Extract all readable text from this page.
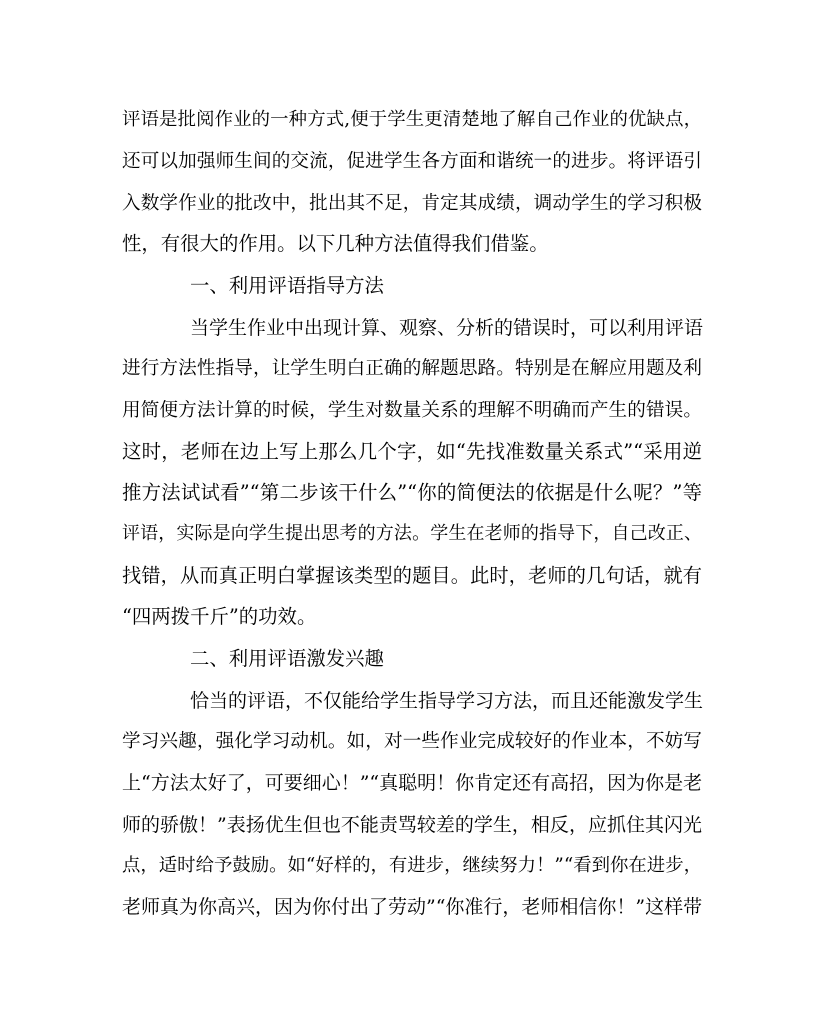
评语是批阅作业的一种方式,便于学生更清楚地了解自己作业的优缺点，
还可以加强师生间的交流，促进学生各方面和谐统一的进步。将评语引
入数学作业的批改中，批出其不足，肯定其成绩，调动学生的学习积极
性，有很大的作用。以下几种方法值得我们借鉴。
一、利用评语指导方法
当学生作业中出现计算、观察、分析的错误时，可以利用评语
进行方法性指导，让学生明白正确的解题思路。特别是在解应用题及利
用简便方法计算的时候，学生对数量关系的理解不明确而产生的错误。
这时，老师在边上写上那么几个字，如“先找准数量关系式”“采用逆
推方法试试看”“第二步该干什么”“你的简便法的依据是什么呢？”等
评语，实际是向学生提出思考的方法。学生在老师的指导下，自己改正、
找错，从而真正明白掌握该类型的题目。此时，老师的几句话，就有
“四两拨千斤”的功效。
二、利用评语激发兴趣
恰当的评语，不仅能给学生指导学习方法，而且还能激发学生
学习兴趣，强化学习动机。如，对一些作业完成较好的作业本，不妨写
上“方法太好了，可要细心！”“真聪明！你肯定还有高招，因为你是老
师的骄傲！”表扬优生但也不能责骂较差的学生，相反，应抓住其闪光
点，适时给予鼓励。如“好样的，有进步，继续努力！”“看到你在进步，
老师真为你高兴，因为你付出了劳动”“你准行，老师相信你！”这样带
